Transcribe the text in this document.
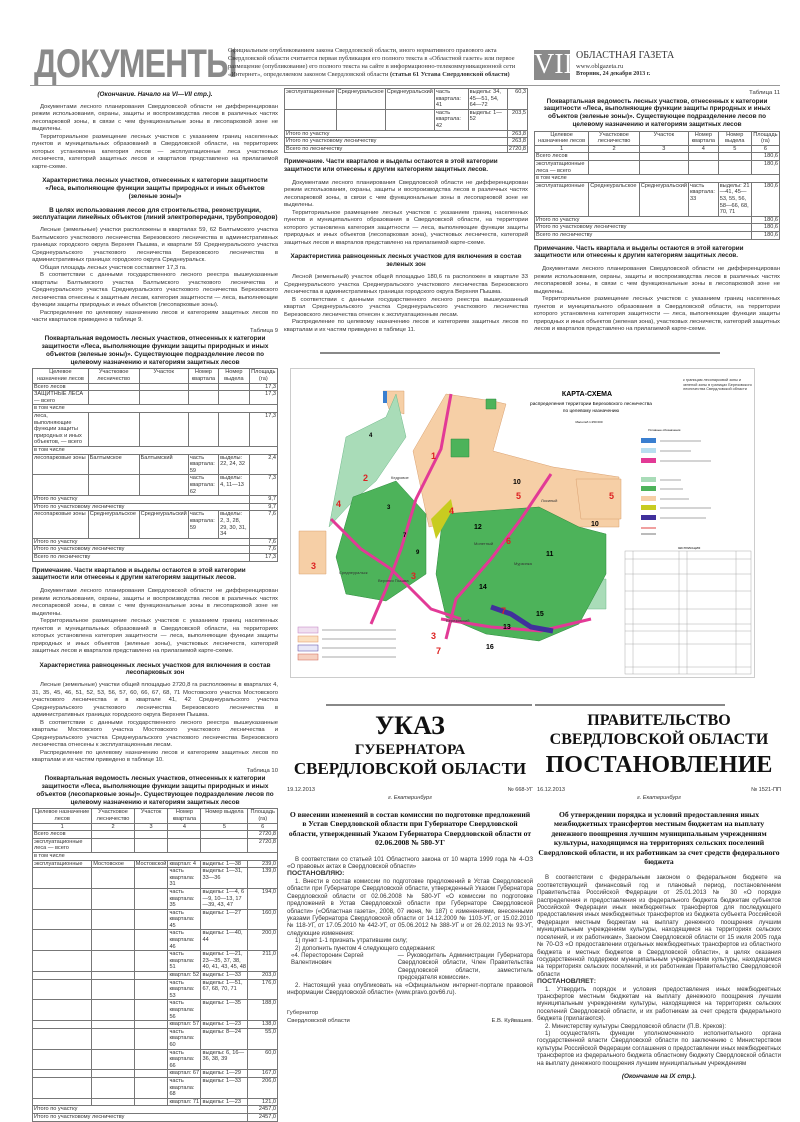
ДОКУМЕНТЫ
Официальным опубликованием закона Свердловской области, иного нормативного правового акта Свердловской области считается первая публикация его полного текста в «Областной газете» или первое размещение (опубликование) его полного текста на сайте в информационно-телекоммуникационной сети «Интернет», определяемом законом Свердловской области (статья 61 Устава Свердловской области) VIII
ОБЛАСТНАЯ ГАЗЕТА
www.oblgazeta.ru
Вторник, 24 декабря 2013 г.
(Окончание. Начало на VI—VII стр.).

Документами лесного планирования Свердловской области не дифференцирован режим использования, охраны, защиты и воспроизводства лесов в различных частях лесопарковой зоны, в связи с чем функциональные зоны в лесопарковой зоне не выделены.

Территориальное размещение лесных участков с указанием границ населенных пунктов и муниципальных образований в Свердловской области, на территориях которых установлена категория лесов — эксплуатационные леса участковых лесничеств, категорий защитных лесов и кварталов представлено на прилагаемой карте-схеме.

Характеристика лесных участков, отнесенных к категории защитности «Леса, выполняющие функции защиты природных и иных объектов (зеленые зоны)»
В целях использования лесов для строительства, реконструкции, эксплуатации линейных объектов (линий электропередачи, трубопроводов)

Лесные (земельные) участки расположены в кварталах 59, 62 Балтымского участка Балтымского участкового лесничества Березовского лесничества в административных границах городского округа Верхняя Пышма, и квартале 59 Среднеуральского участка Среднеуральского участкового лесничества Березовского лесничества в административных границах городского округа Среднеуральск.

Общая площадь лесных участков составляет 17,3 га.

В соответствии с данными государственного лесного реестра вышеуказанные кварталы Балтымского участка Балтымского участкового лесничества и Среднеуральского участка Среднеуральского участкового лесничества Березовского лесничества отнесены к защитным лесам, категория защитности — леса, выполняющие функции защиты природных и иных объектов (лесопарковые зоны).

Распределение по целевому назначению лесов и категориям защитных лесов по части кварталов приведено в таблице 9.

Таблица 9
Поквартальная ведомость лесных участков, отнесенных к категории защитности «Леса, выполняющие функции защиты природных и иных объектов (зеленые зоны)». Существующее подразделение лесов по целевому назначению и категориям защитных лесов
Целевое назначение лесов	Участковое лесничество	Участок	Номер квартала	Номер выдела	Площадь (га)
Всего лесов					17,3
ЗАЩИТНЫЕ ЛЕСА — всего					17,3
в том числе					
леса, выполняющие функции защиты природных и иных объектов, — всего					17,3
в том числе					
лесопарковые зоны	Балтымское	Балтымский	часть квартала: 59	выделы: 22, 24, 32	2,4
			часть квартала: 62	выделы: 4, 11—13	7,3
Итого по участку					9,7
Итого по участковому лесничеству					9,7
лесопарковые зоны	Среднеуральское	Среднеуральский	часть квартала: 59	выделы: 2, 3, 28, 29, 30, 31, 34	7,6
Итого по участку					7,6
Итого по участковому лесничеству					7,6
Всего по лесничеству					17,3
Примечание. Части кварталов и выделы остаются в этой категории защитности или отнесены к другим категориям защитных лесов.

Документами лесного планирования Свердловской области не дифференцирован режим использования, охраны, защиты и воспроизводства лесов в различных частях лесопарковой зоны, в связи с чем функциональные зоны в лесопарковой зоне не выделены.

Территориальное размещение лесных участков с указанием границ населенных пунктов и муниципальных образований в Свердловской области, на территориях которых установлена категория защитности — леса, выполняющие функции защиты природных и иных объектов (зеленые зоны), участковых лесничеств, категорий защитных лесов и кварталов представлено на прилагаемой карте-схеме.

Характеристика равноценных лесных участков для включения в состав лесопарковых зон

Лесные (земельные) участки общей площадью 2720,8 га расположены в кварталах 4, 31, 35, 45, 46, 51, 52, 53, 56, 57, 60, 66, 67, 68, 71 Мостовского участка Мостовского участкового лесничества и в квартале 41, 42 Среднеуральского участка Среднеуральского участкового лесничества Березовского лесничества в административных границах городского округа Верхняя Пышма.

В соответствии с данными государственного лесного реестра вышеуказанные кварталы Мостовского участка Мостовского участкового лесничества и Среднеуральского участка Среднеуральского участкового лесничества Березовского лесничества отнесены к эксплуатационным лесам.

Распределение по целевому назначению лесов и категориям защитных лесов по кварталам и их частям приведено в таблице 10.

Таблица 10
Поквартальная ведомость лесных участков, отнесенных к категории защитности «Леса, выполняющие функции защиты природных и иных объектов (лесопарковые зоны)». Существующее подразделение лесов по целевому назначению и категориям защитных лесов
Целевое назначение лесов	Участковое лесничество	Участок	Номер квартала	Номер выдела	Площадь (га)
1	2	3	4	5	6
Всего лесов					2720,8
эксплуатационные леса — всего					2720,8
в том числе					
эксплуатационные	Мостовское	Мостовской	квартал: 4	выделы: 1—38	239,0
			часть квартала: 31	выделы: 1—31, 33—36	139,0
			часть квартала: 35	выделы: 1—4, 6—9, 10—13, 17—39, 43, 47	194,0
			часть квартала: 45	выделы: 1—27	160,0
			часть квартала: 46	выделы: 1—40, 44	200,0
			часть квартала: 51	выделы: 1—21, 23—35, 37, 38, 40, 41, 43, 45, 48	211,0
			квартал: 52	выделы: 1—33	203,0
			часть квартала: 53	выделы: 1—51, 67, 68, 70, 71	176,0
			часть квартала: 56	выделы: 1—35	188,0
			квартал: 57	выделы: 1—23	138,0
			часть квартала: 60	выделы: 8—24	55,0
			часть квартала: 66	выделы: 6, 16—36, 38, 39	60,0
			квартал: 67	выделы: 1—29	167,0
			часть квартала: 68	выделы: 1—33	206,0
			квартал: 71	выделы: 1—23	121,0
Итого по участку					2457,0
Итого по участковому лесничеству					2457,0
эксплуатационные	Среднеуральское	Среднеуральский	часть квартала: 41	выделы: 34, 45—51, 54, 64—72	60,3
			часть квартала: 42	выделы: 1—52	203,5
Итого по участку					263,8
Итого по участковому лесничеству					263,8
Всего по лесничеству					2720,8
Примечание. Части кварталов и выделы остаются в этой категории защитности или отнесены к другим категориям защитных лесов.

Документами лесного планирования Свердловской области не дифференцирован режим использования, охраны, защиты и воспроизводства лесов в различных частях лесопарковой зоны, в связи с чем функциональные зоны в лесопарковой зоне не выделены.

Территориальное размещение лесных участков с указанием границ населенных пунктов и муниципального образования в Свердловской области, на территории которого установлена категория защитности — леса, выполняющие функции защиты природных и иных объектов (лесопарковая зона), участковых лесничеств, категорий защитных лесов и кварталов представлено на прилагаемой карте-схеме.

Характеристика равноценных лесных участков для включения в состав зеленых зон

Лесной (земельный) участок общей площадью 180,6 га расположен в квартале 33 Среднеуральского участка Среднеуральского участкового лесничества Березовского лесничества в административных границах городского округа Верхняя Пышма.

В соответствии с данными государственного лесного реестра вышеуказанный квартал Среднеуральского участка Среднеуральского участкового лесничества Березовского лесничества отнесен к эксплуатационным лесам.

Распределение по целевому назначению лесов и категориям защитных лесов по кварталам и их частям приведено в таблице 11.

Таблица 11
Поквартальная ведомость лесных участков, отнесенных к категории защитности «Леса, выполняющие функции защиты природных и иных объектов (зеленые зоны)». Существующее подразделение лесов по целевому назначению и категориям защитных лесов
Целевое назначение лесов	Участковое лесничество	Участок	Номер квартала	Номер выдела	Площадь (га)
1	2	3	4	5	6
Всего лесов					180,6
эксплуатационные леса — всего					180,6
в том числе					
эксплуатационные	Среднеуральское	Среднеуральский	часть квартала: 33	выделы: 21—41, 45—53, 55, 56, 58—66, 68, 70, 71	180,6
Итого по участку					180,6
Итого по участковому лесничеству					180,6
Всего по лесничеству					180,6
Примечание. Часть квартала и выделы остаются в этой категории защитности или отнесены к другим категориям защитных лесов.

Документами лесного планирования Свердловской области не дифференцирован режим использования, охраны, защиты и воспроизводства лесов в различных частях лесопарковой зоны, в связи с чем функциональные зоны в лесопарковой зоне не выделены.

Территориальное размещение лесных участков с указанием границ населенных пунктов и муниципального образования в Свердловской области, на территории которого установлена категория защитности — леса, выполняющие функции защиты природных и иных объектов (зеленая зона), участковых лесничеств, категорий защитных лесов и кварталов представлено на прилагаемой карте-схеме.

2
4
1
4
5	5
6
3
3
7
3
7
4
10
11
14
15
12	10
16
13
3
9
7
Кедровое
Среднеуральск
Верхняя Пышма
Березовский
Монетный
Мурзинка
Лосиный
КАРТА-СХЕМА
распределения территории Березовского лесничества
по целевому назначению
Масштаб 1:250 000
к границам лесопарковой зоны и зеленой зоны в границах Березовского лесничества Свердловской области
Условные обозначения
ЭКСПЛИКАЦИЯ
УКАЗ
ГУБЕРНАТОРА
СВЕРДЛОВСКОЙ ОБЛАСТИ
19.12.2013	№ 668-УГ
г. Екатеринбург
О внесении изменений в состав комиссии по подготовке предложений в Устав Свердловской области при Губернаторе Свердловской области, утвержденный Указом Губернатора Свердловской области от 02.06.2008 № 580-УГ

В соответствии со статьей 101 Областного закона от 10 марта 1999 года № 4-ОЗ «О правовых актах в Свердловской области»

ПОСТАНОВЛЯЮ:

1. Внести в состав комиссии по подготовке предложений в Устав Свердловской области при Губернаторе Свердловской области, утвержденный Указом Губернатора Свердловской области от 02.06.2008 № 580-УГ «О комиссии по подготовке предложений в Устав Свердловской области при Губернаторе Свердловской области» («Областная газета», 2008, 07 июня, № 187) с изменениями, внесенными указами Губернатора Свердловской области от 14.12.2009 № 1103-УГ, от 15.02.2010 № 118-УГ, от 17.05.2010 № 442-УГ, от 05.06.2012 № 388-УГ и от 26.02.2013 № 93-УГ, следующие изменения:

1) пункт 1-1 признать утратившим силу;

2) дополнить пунктом 4 следующего содержания:

«4. Пересторонин Сергей Валентинович
— Руководитель Администрации Губернатора Свердловской области, Член Правительства Свердловской области, заместитель председателя комиссии».

2. Настоящий указ опубликовать на «Официальном интернет-портале правовой информации Свердловской области» (www.pravo.gov66.ru).

Губернатор
Свердловской области	Е.В. Куйвашев.
ПРАВИТЕЛЬСТВО
СВЕРДЛОВСКОЙ ОБЛАСТИ
ПОСТАНОВЛЕНИЕ
16.12.2013	№ 1521-ПП
г. Екатеринбург
Об утверждении порядка и условий предоставления иных межбюджетных трансфертов местным бюджетам на выплату денежного поощрения лучшим муниципальным учреждениям культуры, находящимся на территориях сельских поселений Свердловской области, и их работникам за счет средств федерального бюджета

В соответствии с федеральным законом о федеральном бюджете на соответствующий финансовый год и плановый период, постановлением Правительства Российской Федерации от 25.01.2013 № 30 «О порядке распределения и предоставления из федерального бюджета бюджетам субъектов Российской Федерации иных межбюджетных трансфертов для последующего предоставления иных межбюджетных трансфертов из бюджета субъекта Российской Федерации местным бюджетам на выплату денежного поощрения лучшим муниципальным учреждениям культуры, находящимся на территориях сельских поселений, и их работникам», Законом Свердловской области от 15 июля 2005 года № 70-ОЗ «О предоставлении отдельных межбюджетных трансфертов из областного бюджета и местных бюджетов в Свердловской области», в целях оказания государственной поддержки муниципальным учреждениям культуры, находящимся на территориях сельских поселений, и их работникам Правительство Свердловской области

ПОСТАНОВЛЯЕТ:

1. Утвердить порядок и условия предоставления иных межбюджетных трансфертов местным бюджетам на выплату денежного поощрения лучшим муниципальным учреждениям культуры, находящимся на территориях сельских поселений Свердловской области, и их работникам за счет средств федерального бюджета (прилагаются).

2. Министерству культуры Свердловской области (П.В. Креков):

1) осуществлять функции уполномоченного исполнительного органа государственной власти Свердловской области по заключению с Министерством культуры Российской Федерации соглашения о предоставлении иных межбюджетных трансфертов из федерального бюджета областному бюджету Свердловской области на выплату денежного поощрения лучшим муниципальным учреждениям

(Окончание на IX стр.).
